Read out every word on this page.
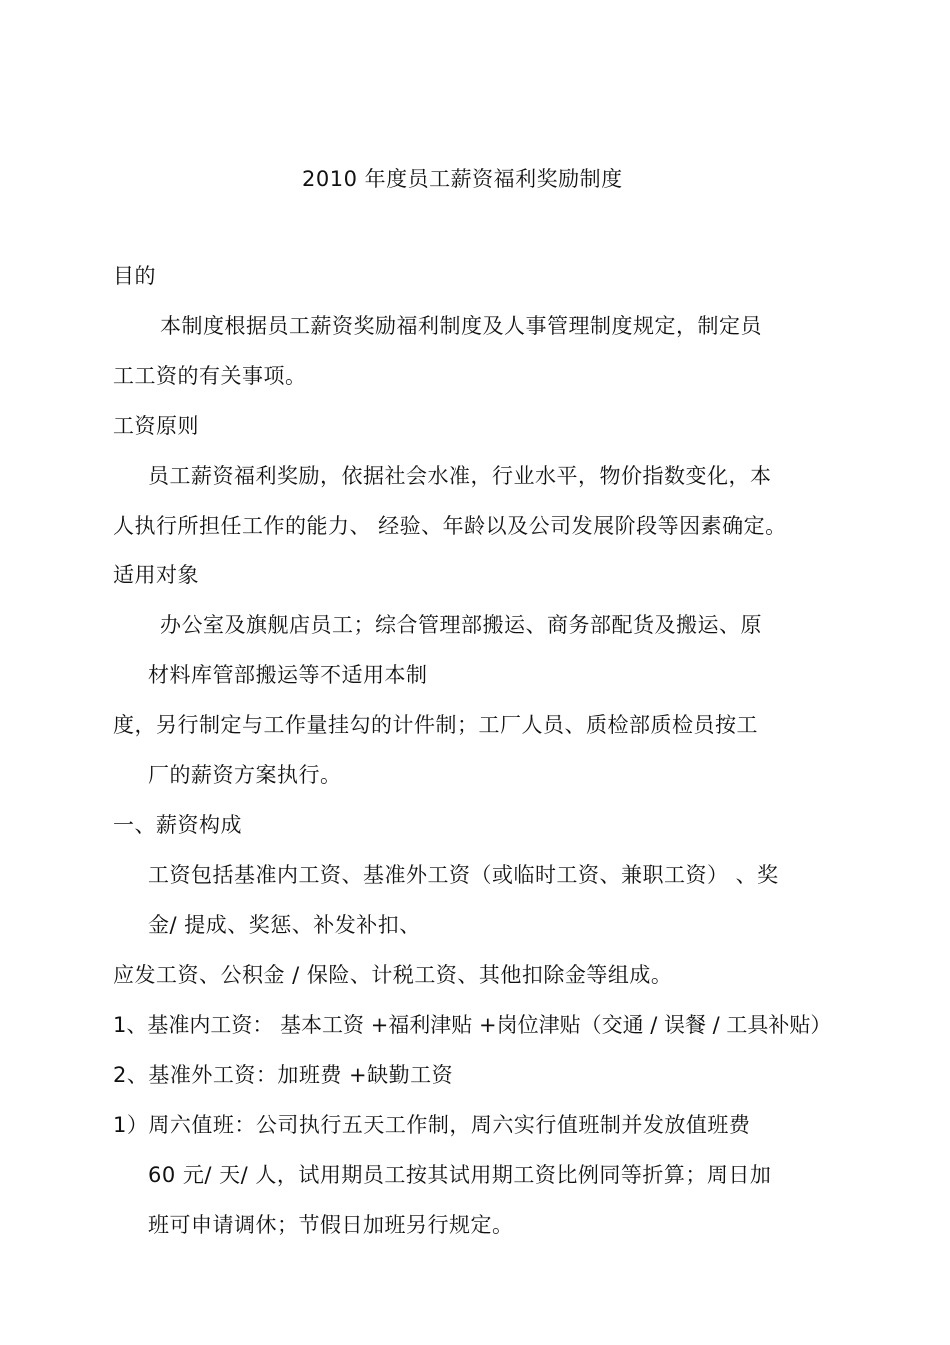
2010 年度员工薪资福利奖励制度
目的
本制度根据员工薪资奖励福利制度及人事管理制度规定，制定员
工工资的有关事项。
工资原则
员工薪资福利奖励，依据社会水准，行业水平，物价指数变化，本
人执行所担任工作的能力、 经验、年龄以及公司发展阶段等因素确定。
适用对象
办公室及旗舰店员工；综合管理部搬运、商务部配货及搬运、原
材料库管部搬运等不适用本制
度，另行制定与工作量挂勾的计件制；工厂人员、质检部质检员按工
厂的薪资方案执行。
一、薪资构成
工资包括基准内工资、基准外工资（或临时工资、兼职工资） 、奖
金/ 提成、奖惩、补发补扣、
应发工资、公积金 / 保险、计税工资、其他扣除金等组成。
1、基准内工资： 基本工资 +福利津贴 +岗位津贴（交通 / 误餐 / 工具补贴）
2、基准外工资：加班费 +缺勤工资
1）周六值班：公司执行五天工作制，周六实行值班制并发放值班费
60 元/ 天/ 人，试用期员工按其试用期工资比例同等折算；周日加
班可申请调休；节假日加班另行规定。
